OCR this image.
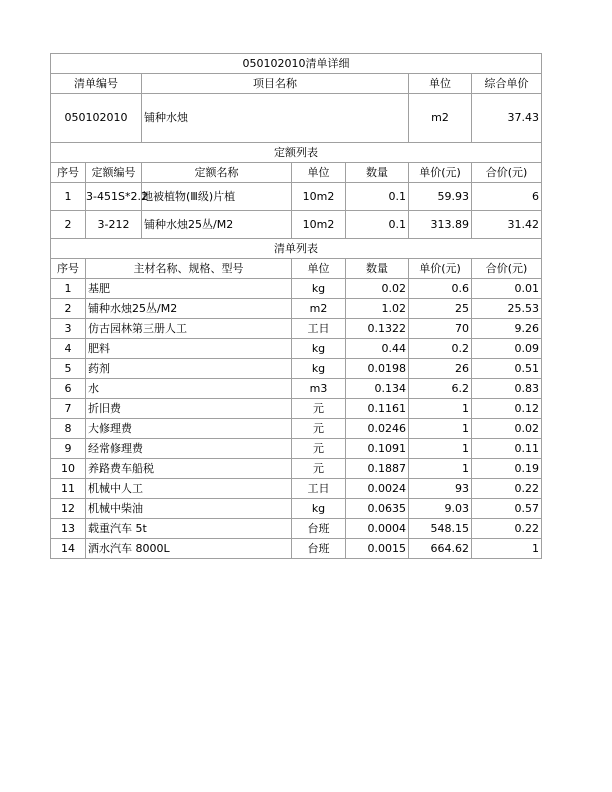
050102010清单详细						
清单编号		项目名称			单位	综合单价
050102010		铺种水烛			m2	37.43
定额列表						
序号	定额编号	定额名称	单位	数量	单价(元)	合价(元)
1	3-451S*2.2	地被植物(Ⅲ级)片植	10m2	0.1	59.93	6
2	3-212	铺种水烛25丛/M2	10m2	0.1	313.89	31.42
清单列表						
序号	主材名称、规格、型号		单位	数量	单价(元)	合价(元)
1	基肥		kg	0.02	0.6	0.01
2	铺种水烛25丛/M2		m2	1.02	25	25.53
3	仿古园林第三册人工		工日	0.1322	70	9.26
4	肥料		kg	0.44	0.2	0.09
5	药剂		kg	0.0198	26	0.51
6	水		m3	0.134	6.2	0.83
7	折旧费		元	0.1161	1	0.12
8	大修理费		元	0.0246	1	0.02
9	经常修理费		元	0.1091	1	0.11
10	养路费车船税		元	0.1887	1	0.19
11	机械中人工		工日	0.0024	93	0.22
12	机械中柴油		kg	0.0635	9.03	0.57
13	载重汽车 5t		台班	0.0004	548.15	0.22
14	洒水汽车 8000L		台班	0.0015	664.62	1
